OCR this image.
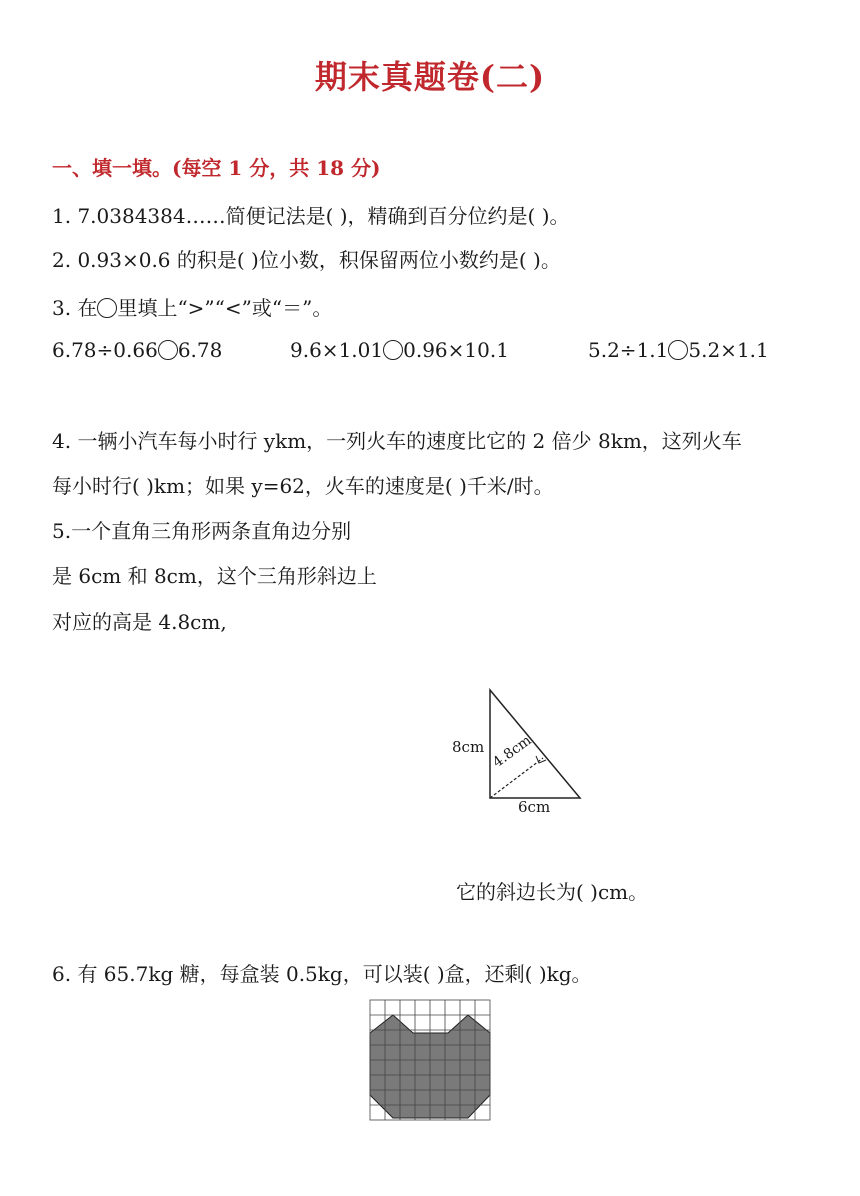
期末真题卷(二)
一、填一填。(每空 1 分，共 18 分)
1. 7.0384384……简便记法是( )，精确到百分位约是( )。
2. 0.93×0.6 的积是( )位小数，积保留两位小数约是( )。
3. 在 里填上“>”“<”或“＝”。
6.78÷0.66 6.78	9.6×1.01 0.96×10.1	5.2÷1.1 5.2×1.1
4. 一辆小汽车每小时行 ykm，一列火车的速度比它的 2 倍少 8km，这列火车
每小时行( )km；如果 y=62，火车的速度是( )千米/时。
5.一个直角三角形两条直角边分别
是 6cm 和 8cm，这个三角形斜边上
对应的高是 4.8cm,
8cm 4.8cm
6cm
它的斜边长为( )cm。
6. 有 65.7kg 糖，每盒装 0.5kg，可以装( )盒，还剩( )kg。
